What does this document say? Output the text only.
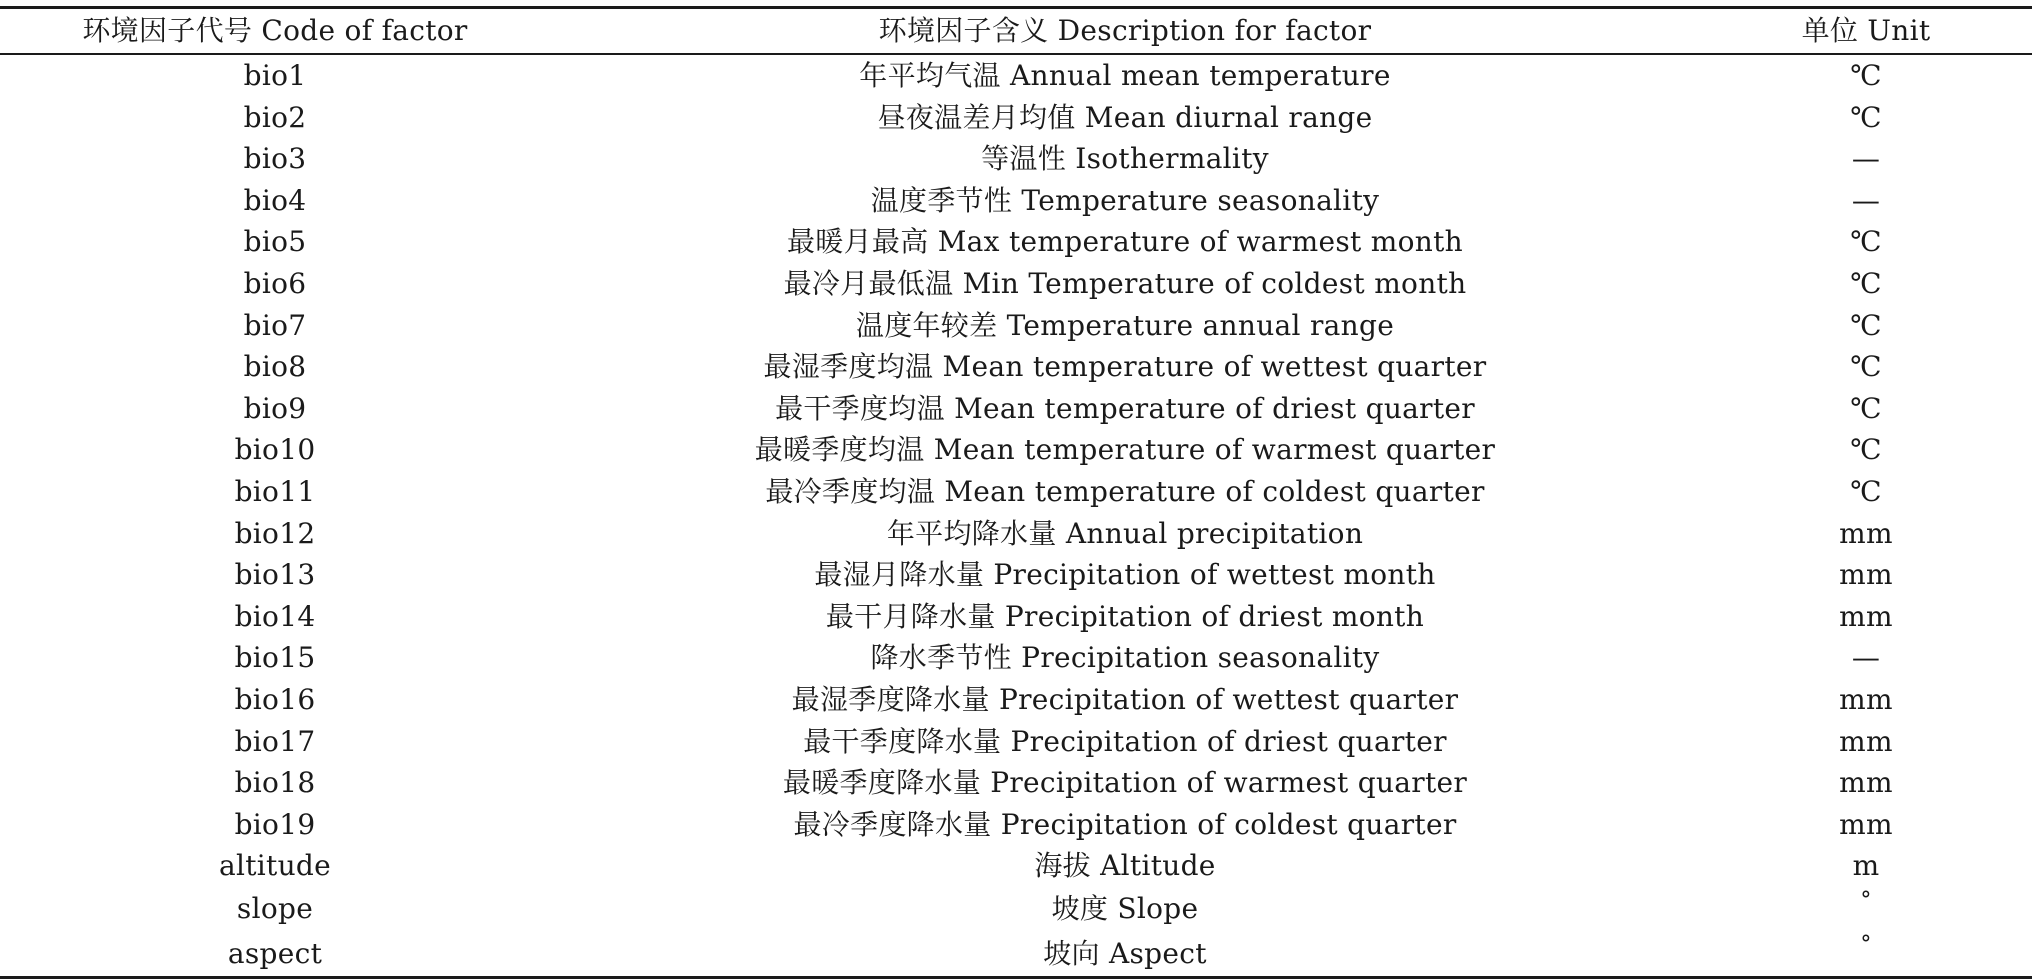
环境因子代号 Code of factor	环境因子含义 Description for factor	单位 Unit
bio1	年平均气温 Annual mean temperature	℃
bio2	昼夜温差月均值 Mean diurnal range	℃
bio3	等温性 Isothermality	—
bio4	温度季节性 Temperature seasonality	—
bio5	最暖月最高 Max temperature of warmest month	℃
bio6	最冷月最低温 Min Temperature of coldest month	℃
bio7	温度年较差 Temperature annual range	℃
bio8	最湿季度均温 Mean temperature of wettest quarter	℃
bio9	最干季度均温 Mean temperature of driest quarter	℃
bio10	最暖季度均温 Mean temperature of warmest quarter	℃
bio11	最冷季度均温 Mean temperature of coldest quarter	℃
bio12	年平均降水量 Annual precipitation	mm
bio13	最湿月降水量 Precipitation of wettest month	mm
bio14	最干月降水量 Precipitation of driest month	mm
bio15	降水季节性 Precipitation seasonality	—
bio16	最湿季度降水量 Precipitation of wettest quarter	mm
bio17	最干季度降水量 Precipitation of driest quarter	mm
bio18	最暖季度降水量 Precipitation of warmest quarter	mm
bio19	最冷季度降水量 Precipitation of coldest quarter	mm
altitude	海拔 Altitude	m
slope	坡度 Slope	°
aspect	坡向 Aspect	°
